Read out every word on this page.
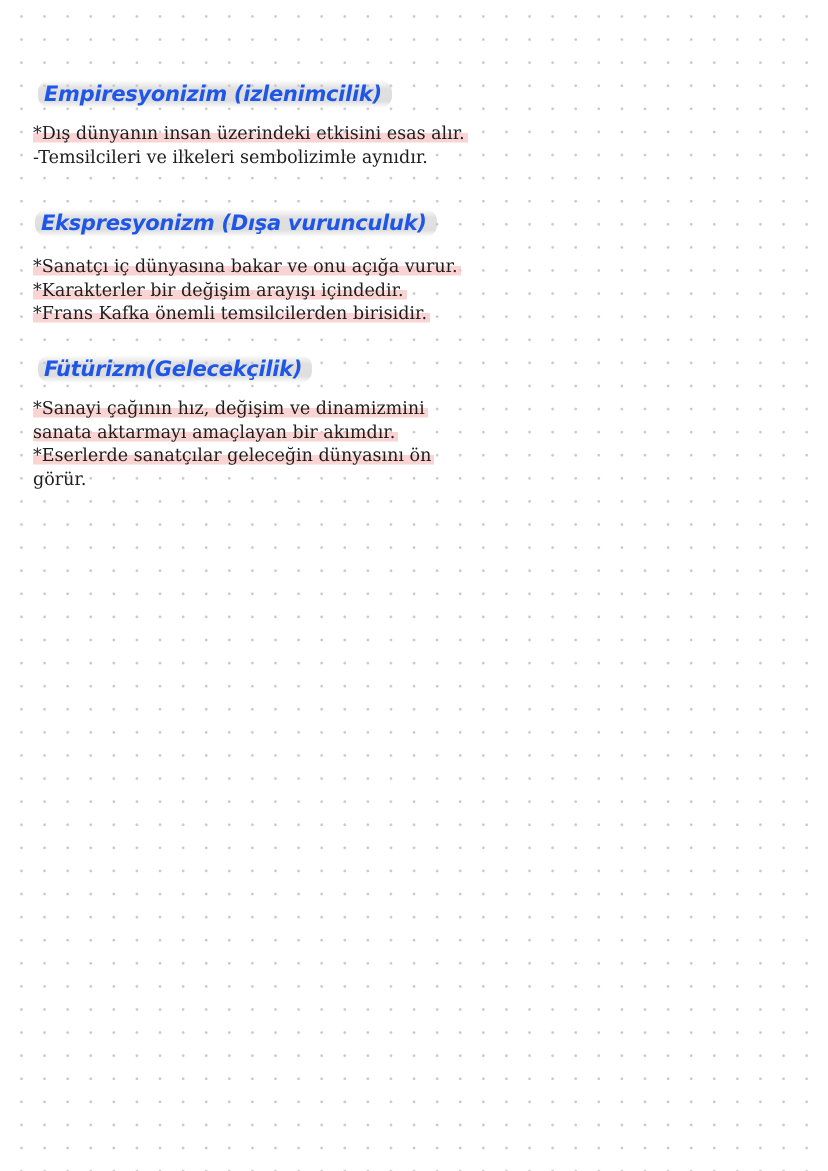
Empiresyonizim (izlenimcilik)
*Dış dünyanın insan üzerindeki etkisini esas alır.
-Temsilcileri ve ilkeleri sembolizimle aynıdır.
Ekspresyonizm (Dışa vurunculuk)
*Sanatçı iç dünyasına bakar ve onu açığa vurur.
*Karakterler bir değişim arayışı içindedir.
*Frans Kafka önemli temsilcilerden birisidir.
Fütürizm(Gelecekçilik)
*Sanayi çağının hız, değişim ve dinamizmini
sanata aktarmayı amaçlayan bir akımdır.
*Eserlerde sanatçılar geleceğin dünyasını ön
görür.
